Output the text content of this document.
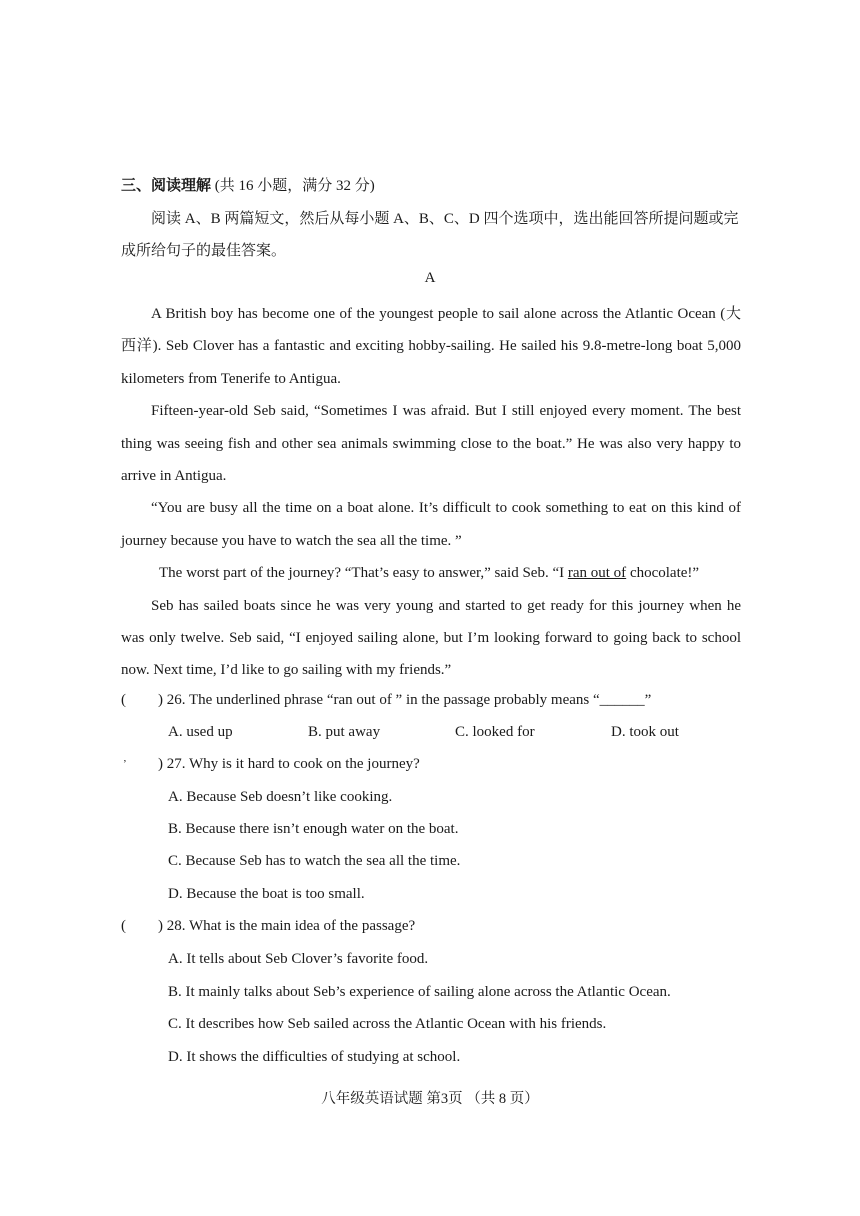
三、阅读理解 (共 16 小题，满分 32 分)
阅读 A、B 两篇短文，然后从每小题 A、B、C、D 四个选项中，选出能回答所提问题或完
成所给句子的最佳答案。
A

A British boy has become one of the youngest people to sail alone across the Atlantic Ocean (大西洋). Seb Clover has a fantastic and exciting hobby-sailing. He sailed his 9.8-metre-long boat 5,000 kilometers from Tenerife to Antigua.

Fifteen-year-old Seb said, “Sometimes I was afraid. But I still enjoyed every moment. The best thing was seeing fish and other sea animals swimming close to the boat.” He was also very happy to arrive in Antigua.

“You are busy all the time on a boat alone. It’s difficult to cook something to eat on this kind of journey because you have to watch the sea all the time. ”

The worst part of the journey? “That’s easy to answer,” said Seb. “I ran out of chocolate!”

Seb has sailed boats since he was very young and started to get ready for this journey when he was only twelve. Seb said, “I enjoyed sailing alone, but I’m looking forward to going back to school now. Next time, I’d like to go sailing with my friends.”

( ) 26. The underlined phrase “ran out of ” in the passage probably means “______”
A. used up	B. put away	C. looked for	D. took out
ʼ ) 27. Why is it hard to cook on the journey?
A. Because Seb doesn’t like cooking.
B. Because there isn’t enough water on the boat.
C. Because Seb has to watch the sea all the time.
D. Because the boat is too small.
( ) 28. What is the main idea of the passage?
A. It tells about Seb Clover’s favorite food.
B. It mainly talks about Seb’s experience of sailing alone across the Atlantic Ocean.
C. It describes how Seb sailed across the Atlantic Ocean with his friends.
D. It shows the difficulties of studying at school.
八年级英语试题 第3页 （共 8 页）
